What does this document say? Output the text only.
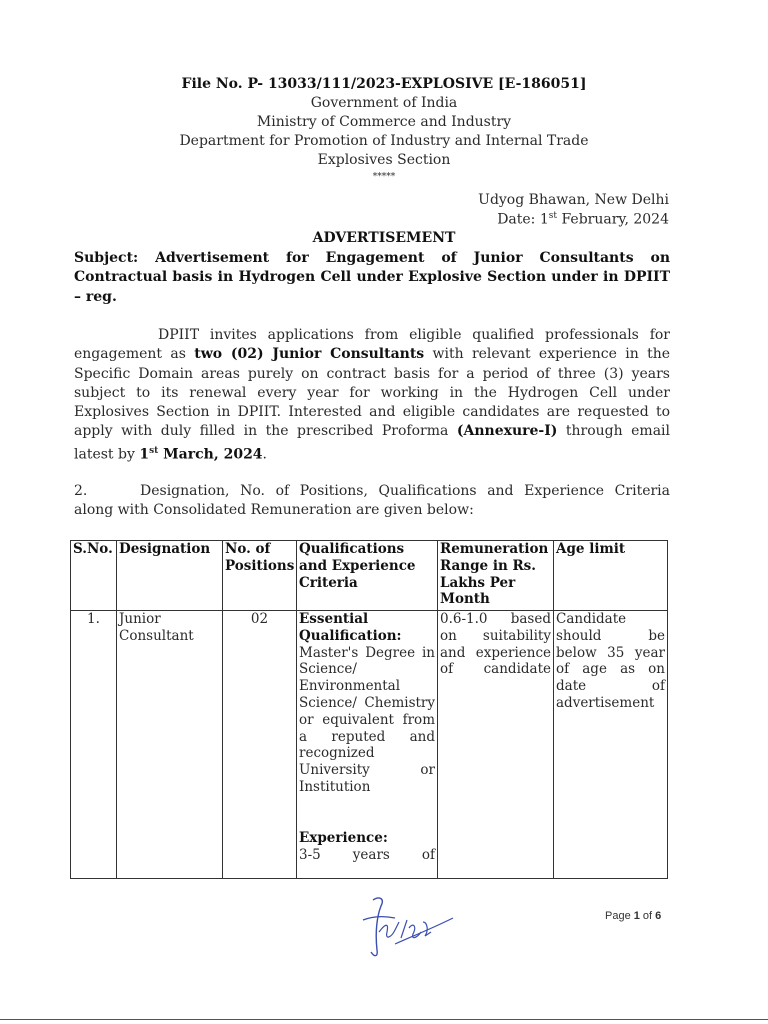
File No. P- 13033/111/2023-EXPLOSIVE [E-186051]
Government of India
Ministry of Commerce and Industry
Department for Promotion of Industry and Internal Trade
Explosives Section
*****
Udyog Bhawan, New Delhi
Date: 1st February, 2024
ADVERTISEMENT
Subject: Advertisement for Engagement of Junior Consultants on Contractual basis in Hydrogen Cell under Explosive Section under in DPIIT – reg.
DPIIT invites applications from eligible qualified professionals for engagement as two (02) Junior Consultants with relevant experience in the Specific Domain areas purely on contract basis for a period of three (3) years subject to its renewal every year for working in the Hydrogen Cell under Explosives Section in DPIIT. Interested and eligible candidates are requested to apply with duly filled in the prescribed Proforma (Annexure-I) through email latest by 1st March, 2024.
2.	Designation, No. of Positions, Qualifications and Experience Criteria along with Consolidated Remuneration are given below:
S.No.	Designation	No. of Positions	Qualifications and Experience Criteria	Remuneration Range in Rs. Lakhs Per Month	Age limit
1.	Junior Consultant	02	Essential Qualification:
Master's Degree in Science/ Environmental Science/ Chemistry or equivalent from a reputed and recognized University or Institution
Experience:
3-5 years of	0.6-1.0 based on suitability and experience of candidate	Candidate should be below 35 year of age as on date of advertisement
Page 1 of 6
